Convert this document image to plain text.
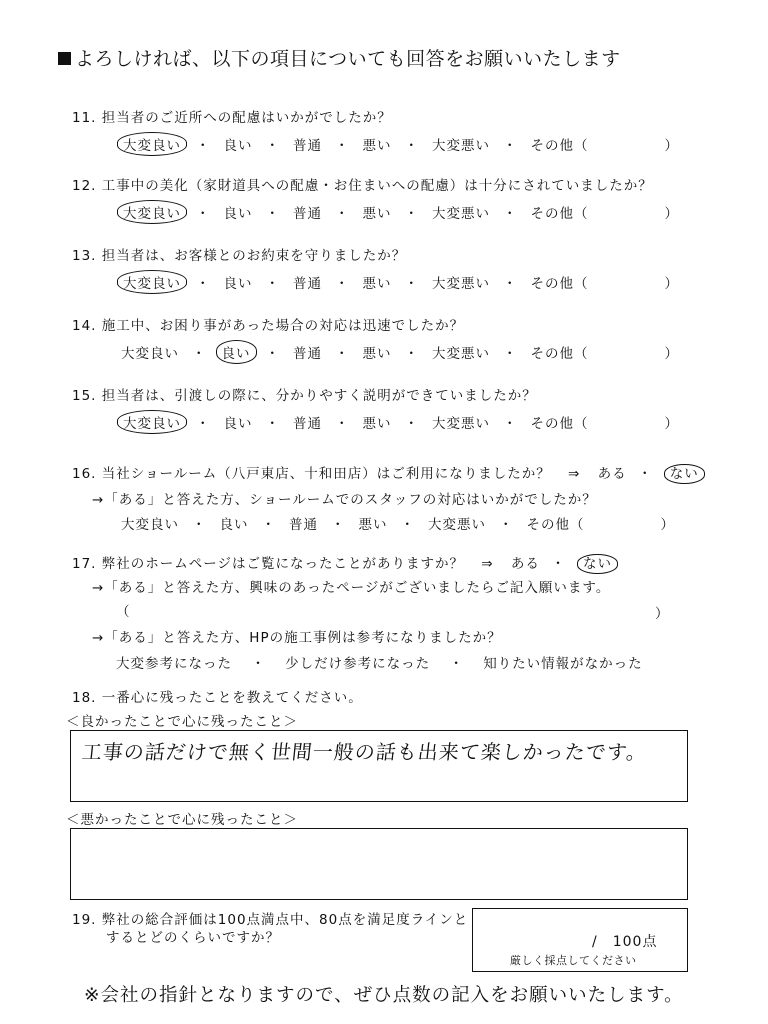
よろしければ、以下の項目についても回答をお願いいたします
11. 担当者のご近所への配慮はいかがでしたか？
大変良い	・ 良い ・ 普通 ・ 悪い ・ 大変悪い ・ その他（	）
12. 工事中の美化（家財道具への配慮・お住まいへの配慮）は十分にされていましたか？
大変良い	・ 良い ・ 普通 ・ 悪い ・ 大変悪い ・ その他（	）
13. 担当者は、お客様とのお約束を守りましたか？
大変良い	・ 良い ・ 普通 ・ 悪い ・ 大変悪い ・ その他（	）
14. 施工中、お困り事があった場合の対応は迅速でしたか？
大変良い ・	良い	・ 普通 ・ 悪い ・ 大変悪い ・ その他（	）
15. 担当者は、引渡しの際に、分かりやすく説明ができていましたか？
大変良い	・ 良い ・ 普通 ・ 悪い ・ 大変悪い ・ その他（	）
16. 当社ショールーム（八戸東店、十和田店）はご利用になりましたか？ ⇒ ある ・ ない
→「ある」と答えた方、ショールームでのスタッフの対応はいかがでしたか？
大変良い ・ 良い ・ 普通 ・ 悪い ・ 大変悪い ・ その他（	）
17. 弊社のホームページはご覧になったことがありますか？ ⇒ ある ・ ない
→「ある」と答えた方、興味のあったページがございましたらご記入願います。
（	）
→「ある」と答えた方、HPの施工事例は参考になりましたか？
大変参考になった ・ 少しだけ参考になった ・ 知りたい情報がなかった
18. 一番心に残ったことを教えてください。
＜良かったことで心に残ったこと＞
工事の話だけで無く世間一般の話も出来て楽しかったです。
＜悪かったことで心に残ったこと＞
19. 弊社の総合評価は100点満点中、80点を満足度ラインと
するとどのくらいですか？	/　100点
厳しく採点してください
※会社の指針となりますので、ぜひ点数の記入をお願いいたします。
